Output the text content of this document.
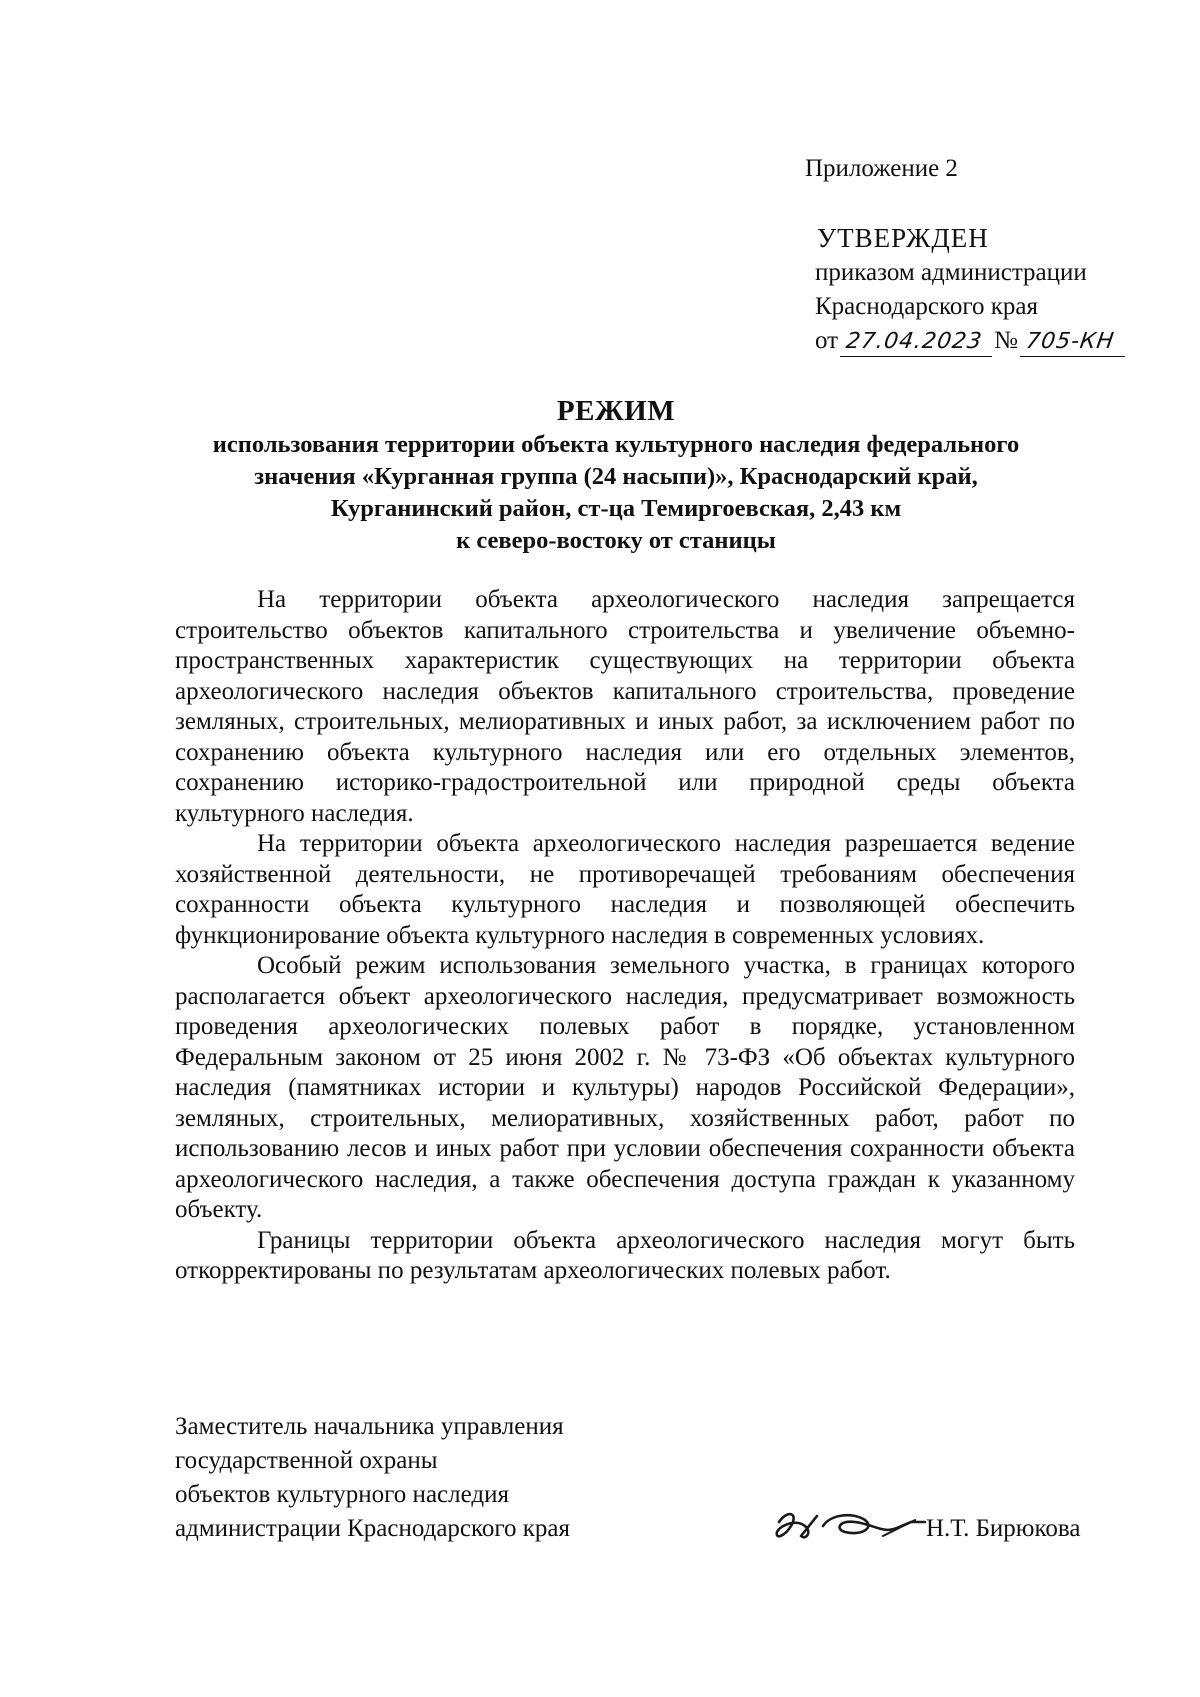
Приложение 2
УТВЕРЖДЕН
приказом администрации
Краснодарского края
от 27.04.2023 № 705-КН
РЕЖИМ
использования территории объекта культурного наследия федерального
значения «Курганная группа (24 насыпи)», Краснодарский край,
Курганинский район, ст-ца Темиргоевская, 2,43 км
к северо-востоку от станицы

На территории объекта археологического наследия запрещается строительство объектов капитального строительства и увеличение объемно-пространственных характеристик существующих на территории объекта археологического наследия объектов капитального строительства, проведение земляных, строительных, мелиоративных и иных работ, за исключением работ по сохранению объекта культурного наследия или его отдельных элементов, сохранению историко-градостроительной или природной среды объекта культурного наследия.

На территории объекта археологического наследия разрешается ведение хозяйственной деятельности, не противоречащей требованиям обеспечения сохранности объекта культурного наследия и позволяющей обеспечить функционирование объекта культурного наследия в современных условиях.

Особый режим использования земельного участка, в границах которого располагается объект археологического наследия, предусматривает возможность проведения археологических полевых работ в порядке, установленном Федеральным законом от 25 июня 2002 г. № 73-ФЗ «Об объектах культурного наследия (памятниках истории и культуры) народов Российской Федерации», земляных, строительных, мелиоративных, хозяйственных работ, работ по использованию лесов и иных работ при условии обеспечения сохранности объекта археологического наследия, а также обеспечения доступа граждан к указанному объекту.

Границы территории объекта археологического наследия могут быть откорректированы по результатам археологических полевых работ.

Заместитель начальника управления
государственной охраны
объектов культурного наследия
администрации Краснодарского края	Н.Т. Бирюкова
